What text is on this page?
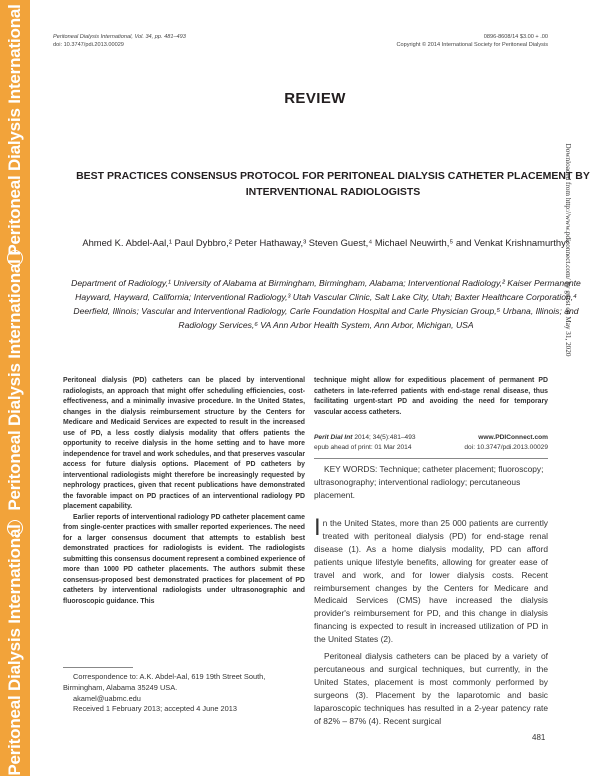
Peritoneal Dialysis International
Peritoneal Dialysis International
Peritoneal Dialysis International
Peritoneal Dialysis International, Vol. 34, pp. 481–493
doi: 10.3747/pdi.2013.00029
0896-8608/14 $3.00 + .00
Copyright © 2014 International Society for Peritoneal Dialysis
REVIEW
BEST PRACTICES CONSENSUS PROTOCOL FOR PERITONEAL DIALYSIS CATHETER PLACEMENT BY INTERVENTIONAL RADIOLOGISTS
Ahmed K. Abdel-Aal,¹ Paul Dybbro,² Peter Hathaway,³ Steven Guest,⁴ Michael Neuwirth,⁵ and Venkat Krishnamurthy⁶
Department of Radiology,¹ University of Alabama at Birmingham, Birmingham, Alabama; Interventional Radiology,² Kaiser Permanente Hayward, Hayward, California; Interventional Radiology,³ Utah Vascular Clinic, Salt Lake City, Utah; Baxter Healthcare Corporation,⁴ Deerfield, Illinois; Vascular and Interventional Radiology, Carle Foundation Hospital and Carle Physician Group,⁵ Urbana, Illinois; and Radiology Services,⁶ VA Ann Arbor Health System, Ann Arbor, Michigan, USA

Peritoneal dialysis (PD) catheters can be placed by interventional radiologists, an approach that might offer scheduling efficiencies, cost-effectiveness, and a minimally invasive procedure. In the United States, changes in the dialysis reimbursement structure by the Centers for Medicare and Medicaid Services are expected to result in the increased use of PD, a less costly dialysis modality that offers patients the opportunity to receive dialysis in the home setting and to have more independence for travel and work schedules, and that preserves vascular access for future dialysis options. Placement of PD catheters by interventional radiologists might therefore be increasingly requested by nephrology practices, given that recent publications have demonstrated the favorable impact on PD practices of an interventional radiology PD placement capability.

Earlier reports of interventional radiology PD catheter placement came from single-center practices with smaller reported experiences. The need for a larger consensus document that attempts to establish best demonstrated practices for radiologists is evident. The radiologists submitting this consensus document represent a combined experience of more than 1000 PD catheter placements. The authors submit these consensus-proposed best demonstrated practices for placement of PD catheters by interventional radiologists under ultrasonographic and fluoroscopic guidance. This

Correspondence to: A.K. Abdel-Aal, 619 19th Street South, Birmingham, Alabama 35249 USA.

akamel@uabmc.edu

Received 1 February 2013; accepted 4 June 2013

technique might allow for expeditious placement of permanent PD catheters in late-referred patients with end-stage renal disease, thus facilitating urgent-start PD and avoiding the need for temporary vascular access catheters.
Perit Dial Int 2014; 34(5):481–493	www.PDIConnect.com
epub ahead of print: 01 Mar 2014	doi: 10.3747/pdi.2013.00029
KEY WORDS: Technique; catheter placement; fluoroscopy; ultrasonography; interventional radiology; percutaneous placement.

In the United States, more than 25 000 patients are currently treated with peritoneal dialysis (PD) for end-stage renal disease (1). As a home dialysis modality, PD can afford patients unique lifestyle benefits, allowing for greater ease of travel and work, and for lower dialysis costs. Recent reimbursement changes by the Centers for Medicare and Medicaid Services (CMS) have increased the dialysis provider's reimbursement for PD, and this change in dialysis financing is expected to result in increased utilization of PD in the United States (2).

Peritoneal dialysis catheters can be placed by a variety of percutaneous and surgical techniques, but currently, in the United States, placement is most commonly performed by surgeons (3). Placement by the laparotomic and basic laparoscopic techniques has resulted in a 2-year patency rate of 82% – 87% (4). Recent surgical

Downloaded from http://www.pdiconnect.com/ by guest on May 31, 2020
481
